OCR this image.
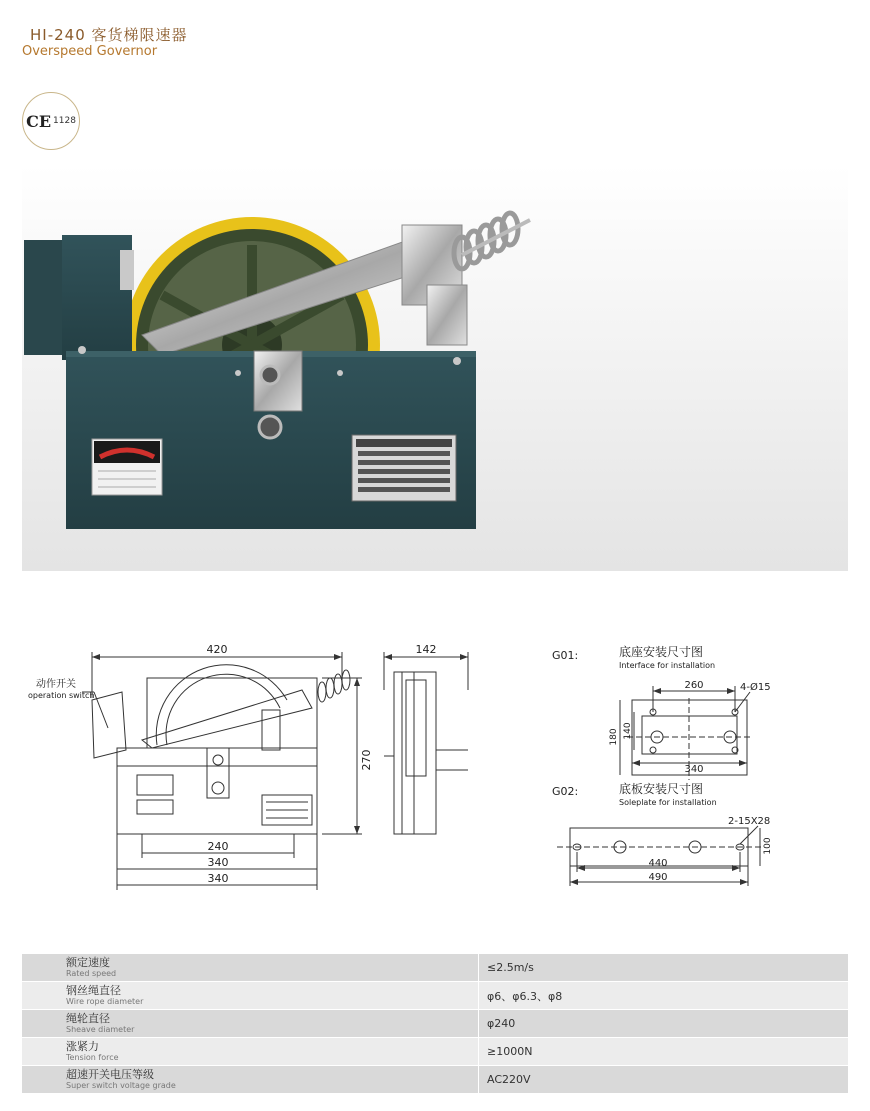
HI-240 客货梯限速器
Overspeed Governor
CE 1128
420
动作开关
operation switch
270
240
340
340
142	G01:	底座安装尺寸图
Interface for installation
260	4-Ø15
180 140
340
G02:	底板安装尺寸图
Soleplate for installation
2-15X28
100
440
490
额定速度
Rated speed	≤2.5m/s

钢丝绳直径
Wire rope diameter	φ6、φ6.3、φ8

绳轮直径
Sheave diameter	φ240

涨紧力
Tension force	≥1000N

超速开关电压等级
Super switch voltage grade	AC220V
